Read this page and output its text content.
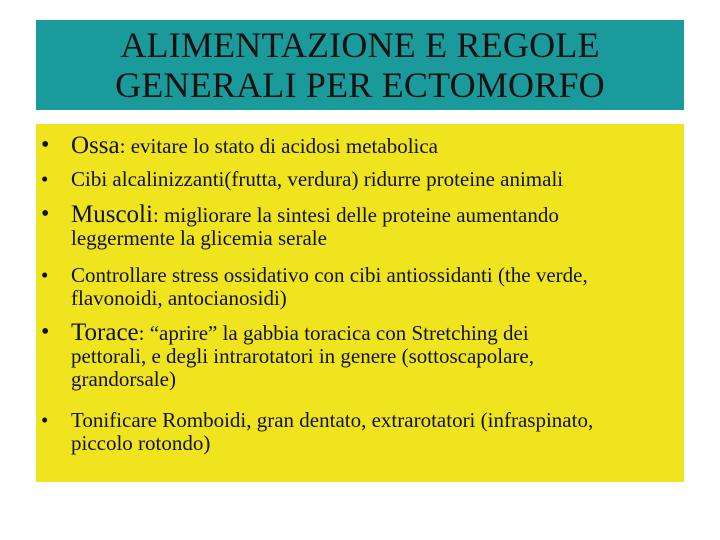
ALIMENTAZIONE E REGOLE
GENERALI PER ECTOMORFO
• Ossa: evitare lo stato di acidosi metabolica
•	Cibi alcalinizzanti(frutta, verdura) ridurre proteine animali
• Muscoli: migliorare la sintesi delle proteine aumentando
leggermente la glicemia serale
•	Controllare stress ossidativo con cibi antiossidanti (the verde,
flavonoidi, antocianosidi)
• Torace: “aprire” la gabbia toracica con Stretching dei
pettorali, e degli intrarotatori in genere (sottoscapolare,
grandorsale)
•	Tonificare Romboidi, gran dentato, extrarotatori (infraspinato,
piccolo rotondo)
